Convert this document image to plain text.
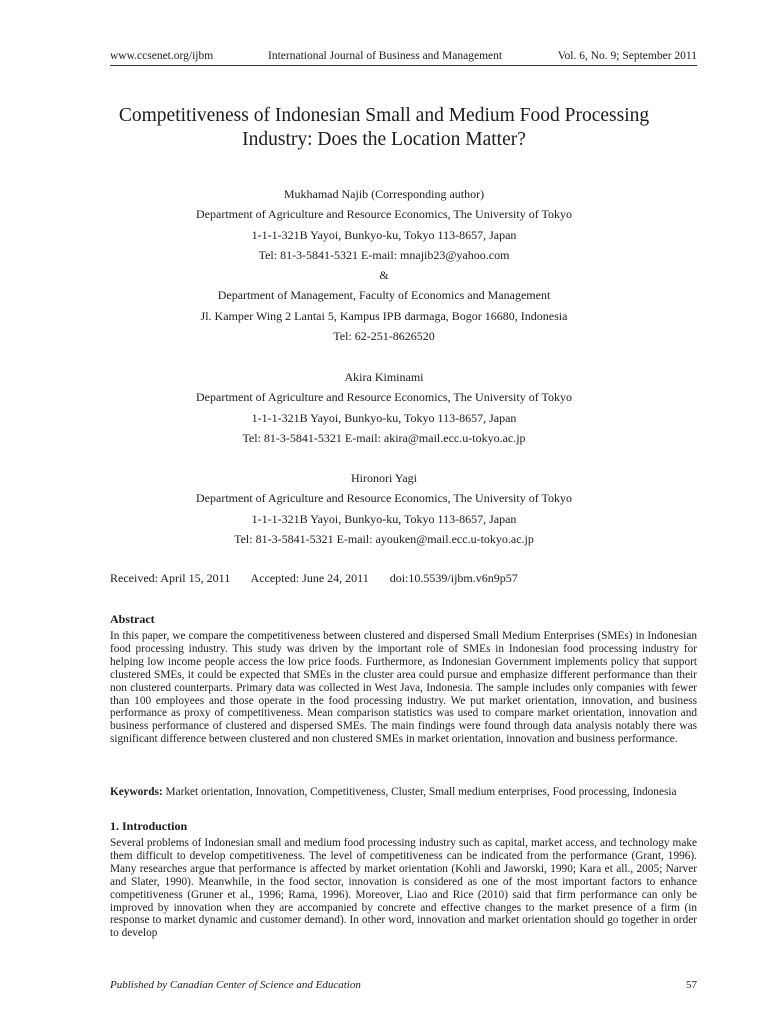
www.ccsenet.org/ijbm	International Journal of Business and Management	Vol. 6, No. 9; September 2011
Competitiveness of Indonesian Small and Medium Food Processing
Industry: Does the Location Matter?
Mukhamad Najib (Corresponding author)
Department of Agriculture and Resource Economics, The University of Tokyo
1-1-1-321B Yayoi, Bunkyo-ku, Tokyo 113-8657, Japan
Tel: 81-3-5841-5321 E-mail: mnajib23@yahoo.com
&
Department of Management, Faculty of Economics and Management
Jl. Kamper Wing 2 Lantai 5, Kampus IPB darmaga, Bogor 16680, Indonesia
Tel: 62-251-8626520
Akira Kiminami
Department of Agriculture and Resource Economics, The University of Tokyo
1-1-1-321B Yayoi, Bunkyo-ku, Tokyo 113-8657, Japan
Tel: 81-3-5841-5321 E-mail: akira@mail.ecc.u-tokyo.ac.jp
Hironori Yagi
Department of Agriculture and Resource Economics, The University of Tokyo
1-1-1-321B Yayoi, Bunkyo-ku, Tokyo 113-8657, Japan
Tel: 81-3-5841-5321 E-mail: ayouken@mail.ecc.u-tokyo.ac.jp
Received: April 15, 2011       Accepted: June 24, 2011       doi:10.5539/ijbm.v6n9p57
Abstract

In this paper, we compare the competitiveness between clustered and dispersed Small Medium Enterprises (SMEs) in Indonesian food processing industry. This study was driven by the important role of SMEs in Indonesian food processing industry for helping low income people access the low price foods. Furthermore, as Indonesian Government implements policy that support clustered SMEs, it could be expected that SMEs in the cluster area could pursue and emphasize different performance than their non clustered counterparts. Primary data was collected in West Java, Indonesia. The sample includes only companies with fewer than 100 employees and those operate in the food processing industry. We put market orientation, innovation, and business performance as proxy of competitiveness. Mean comparison statistics was used to compare market orientation, innovation and business performance of clustered and dispersed SMEs. The main findings were found through data analysis notably there was significant difference between clustered and non clustered SMEs in market orientation, innovation and business performance.

Keywords: Market orientation, Innovation, Competitiveness, Cluster, Small medium enterprises, Food processing, Indonesia
1. Introduction

Several problems of Indonesian small and medium food processing industry such as capital, market access, and technology make them difficult to develop competitiveness. The level of competitiveness can be indicated from the performance (Grant, 1996). Many researches argue that performance is affected by market orientation (Kohli and Jaworski, 1990; Kara et all., 2005; Narver and Slater, 1990). Meanwhile, in the food sector, innovation is considered as one of the most important factors to enhance competitiveness (Gruner et al., 1996; Rama, 1996). Moreover, Liao and Rice (2010) said that firm performance can only be improved by innovation when they are accompanied by concrete and effective changes to the market presence of a firm (in response to market dynamic and customer demand). In other word, innovation and market orientation should go together in order to develop

Published by Canadian Center of Science and Education	57
